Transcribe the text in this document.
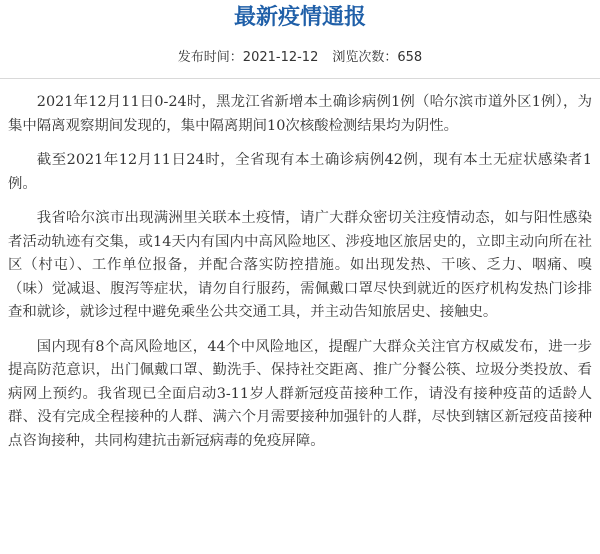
最新疫情通报
发布时间：2021-12-12 浏览次数：658

2021年12月11日0-24时，黑龙江省新增本土确诊病例1例（哈尔滨市道外区1例），为集中隔离观察期间发现的，集中隔离期间10次核酸检测结果均为阴性。

截至2021年12月11日24时，全省现有本土确诊病例42例，现有本土无症状感染者1例。

我省哈尔滨市出现满洲里关联本土疫情，请广大群众密切关注疫情动态，如与阳性感染者活动轨迹有交集，或14天内有国内中高风险地区、涉疫地区旅居史的，立即主动向所在社区（村屯）、工作单位报备，并配合落实防控措施。如出现发热、干咳、乏力、咽痛、嗅（味）觉减退、腹泻等症状，请勿自行服药，需佩戴口罩尽快到就近的医疗机构发热门诊排查和就诊，就诊过程中避免乘坐公共交通工具，并主动告知旅居史、接触史。

国内现有8个高风险地区，44个中风险地区，提醒广大群众关注官方权威发布，进一步提高防范意识，出门佩戴口罩、勤洗手、保持社交距离、推广分餐公筷、垃圾分类投放、看病网上预约。我省现已全面启动3-11岁人群新冠疫苗接种工作，请没有接种疫苗的适龄人群、没有完成全程接种的人群、满六个月需要接种加强针的人群，尽快到辖区新冠疫苗接种点咨询接种，共同构建抗击新冠病毒的免疫屏障。
